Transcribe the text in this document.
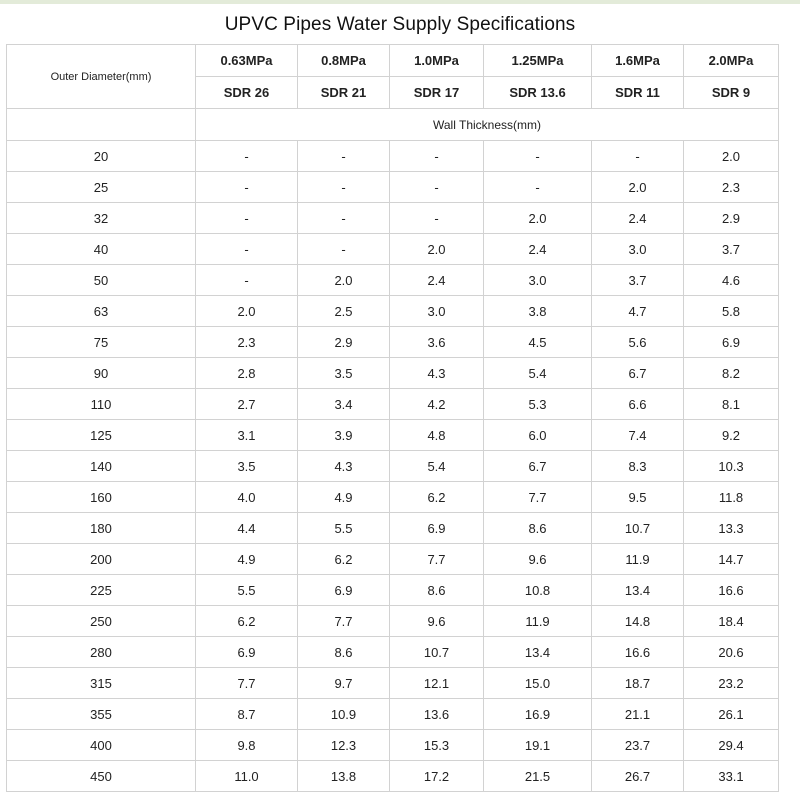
UPVC Pipes Water Supply Specifications
Outer Diameter(mm)	0.63MPa	0.8MPa	1.0MPa	1.25MPa	1.6MPa	2.0MPa
	SDR 26	SDR 21	SDR 17	SDR 13.6	SDR 11	SDR 9
	Wall Thickness(mm)					
20	-	-	-	-	-	2.0
25	-	-	-	-	2.0	2.3
32	-	-	-	2.0	2.4	2.9
40	-	-	2.0	2.4	3.0	3.7
50	-	2.0	2.4	3.0	3.7	4.6
63	2.0	2.5	3.0	3.8	4.7	5.8
75	2.3	2.9	3.6	4.5	5.6	6.9
90	2.8	3.5	4.3	5.4	6.7	8.2
110	2.7	3.4	4.2	5.3	6.6	8.1
125	3.1	3.9	4.8	6.0	7.4	9.2
140	3.5	4.3	5.4	6.7	8.3	10.3
160	4.0	4.9	6.2	7.7	9.5	11.8
180	4.4	5.5	6.9	8.6	10.7	13.3
200	4.9	6.2	7.7	9.6	11.9	14.7
225	5.5	6.9	8.6	10.8	13.4	16.6
250	6.2	7.7	9.6	11.9	14.8	18.4
280	6.9	8.6	10.7	13.4	16.6	20.6
315	7.7	9.7	12.1	15.0	18.7	23.2
355	8.7	10.9	13.6	16.9	21.1	26.1
400	9.8	12.3	15.3	19.1	23.7	29.4
450	11.0	13.8	17.2	21.5	26.7	33.1
